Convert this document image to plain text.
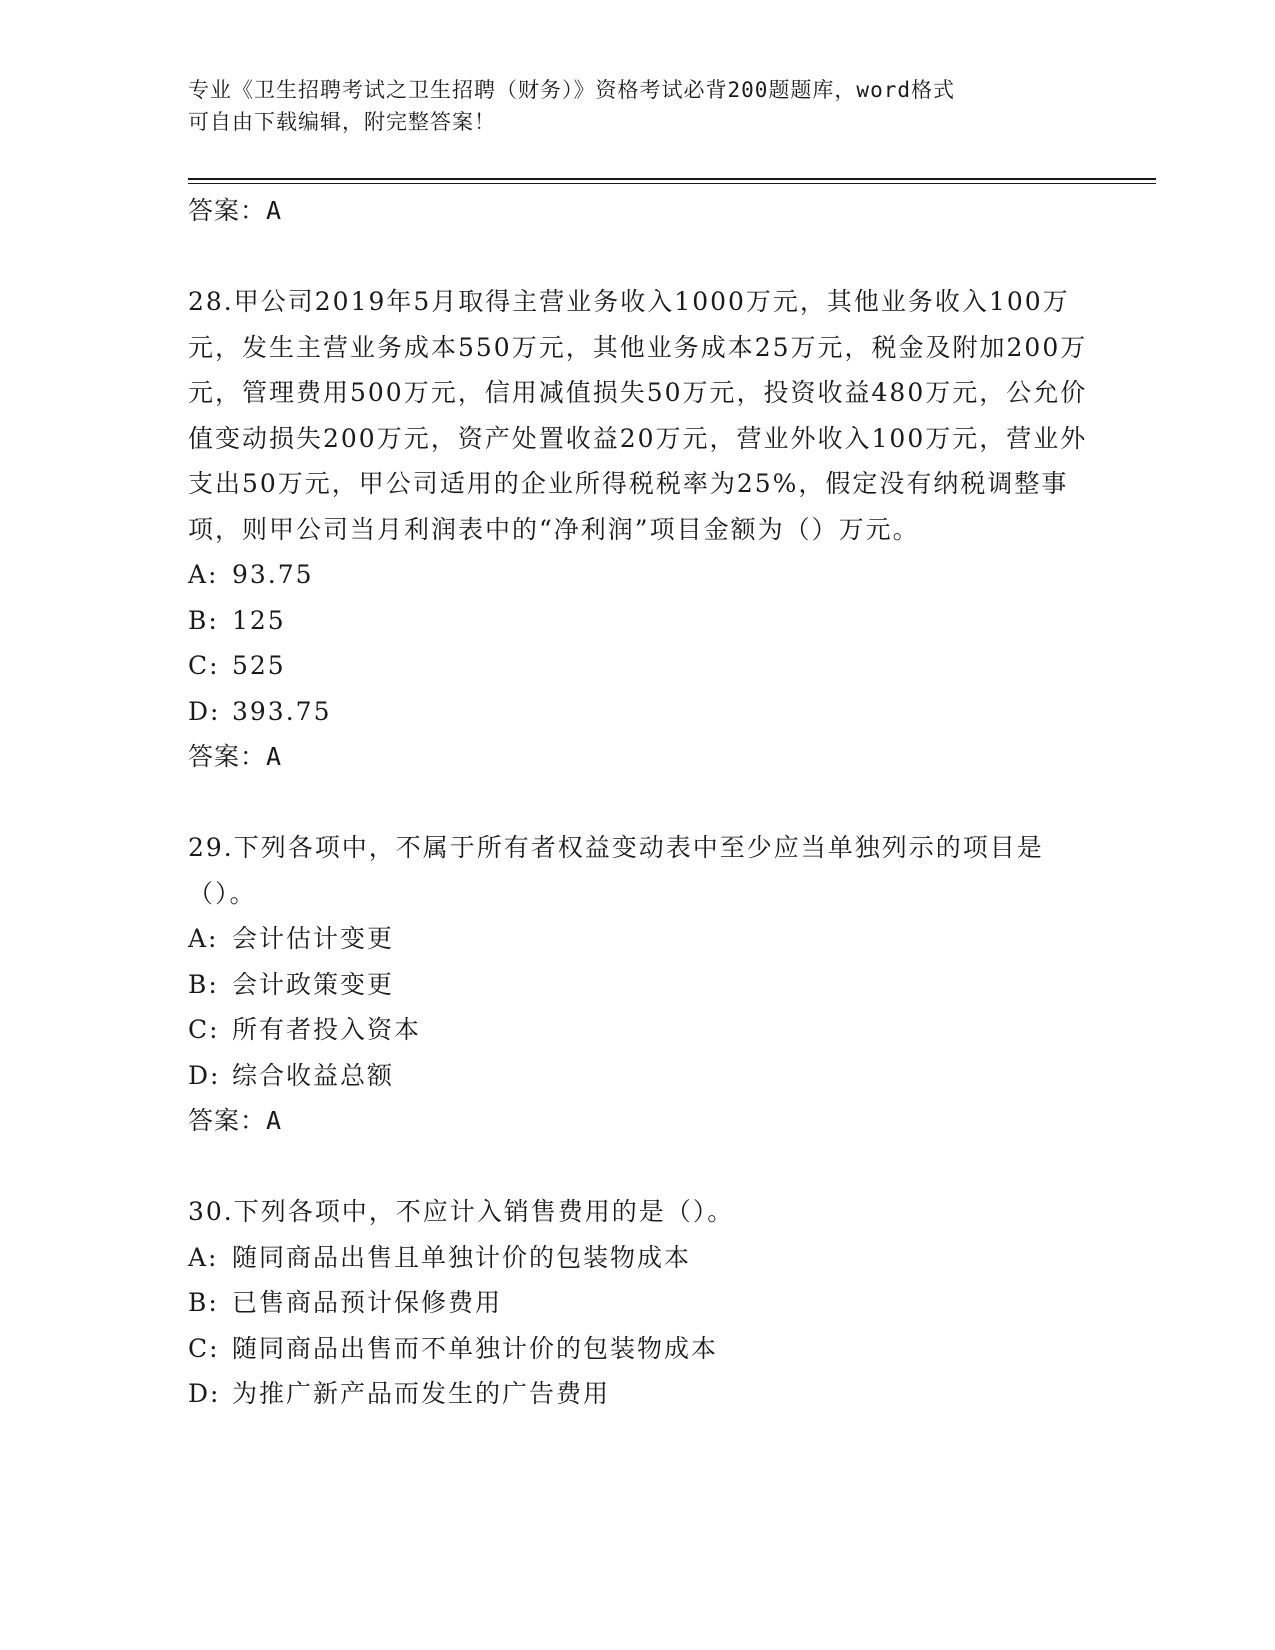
专业《卫生招聘考试之卫生招聘（财务）》资格考试必背200题题库，word格式
可自由下载编辑，附完整答案！
答案：A

28.甲公司2019年5月取得主营业务收入1000万元，其他业务收入100万元，发生主营业务成本550万元，其他业务成本25万元，税金及附加200万元，管理费用500万元，信用减值损失50万元，投资收益480万元，公允价值变动损失200万元，资产处置收益20万元，营业外收入100万元，营业外支出50万元，甲公司适用的企业所得税税率为25%，假定没有纳税调整事项，则甲公司当月利润表中的“净利润”项目金额为（）万元。

A: 93.75
B: 125
C: 525
D: 393.75
答案：A

29.下列各项中，不属于所有者权益变动表中至少应当单独列示的项目是（）。

A: 会计估计变更
B: 会计政策变更
C: 所有者投入资本
D: 综合收益总额
答案：A

30.下列各项中，不应计入销售费用的是（）。

A: 随同商品出售且单独计价的包装物成本
B: 已售商品预计保修费用
C: 随同商品出售而不单独计价的包装物成本
D: 为推广新产品而发生的广告费用
